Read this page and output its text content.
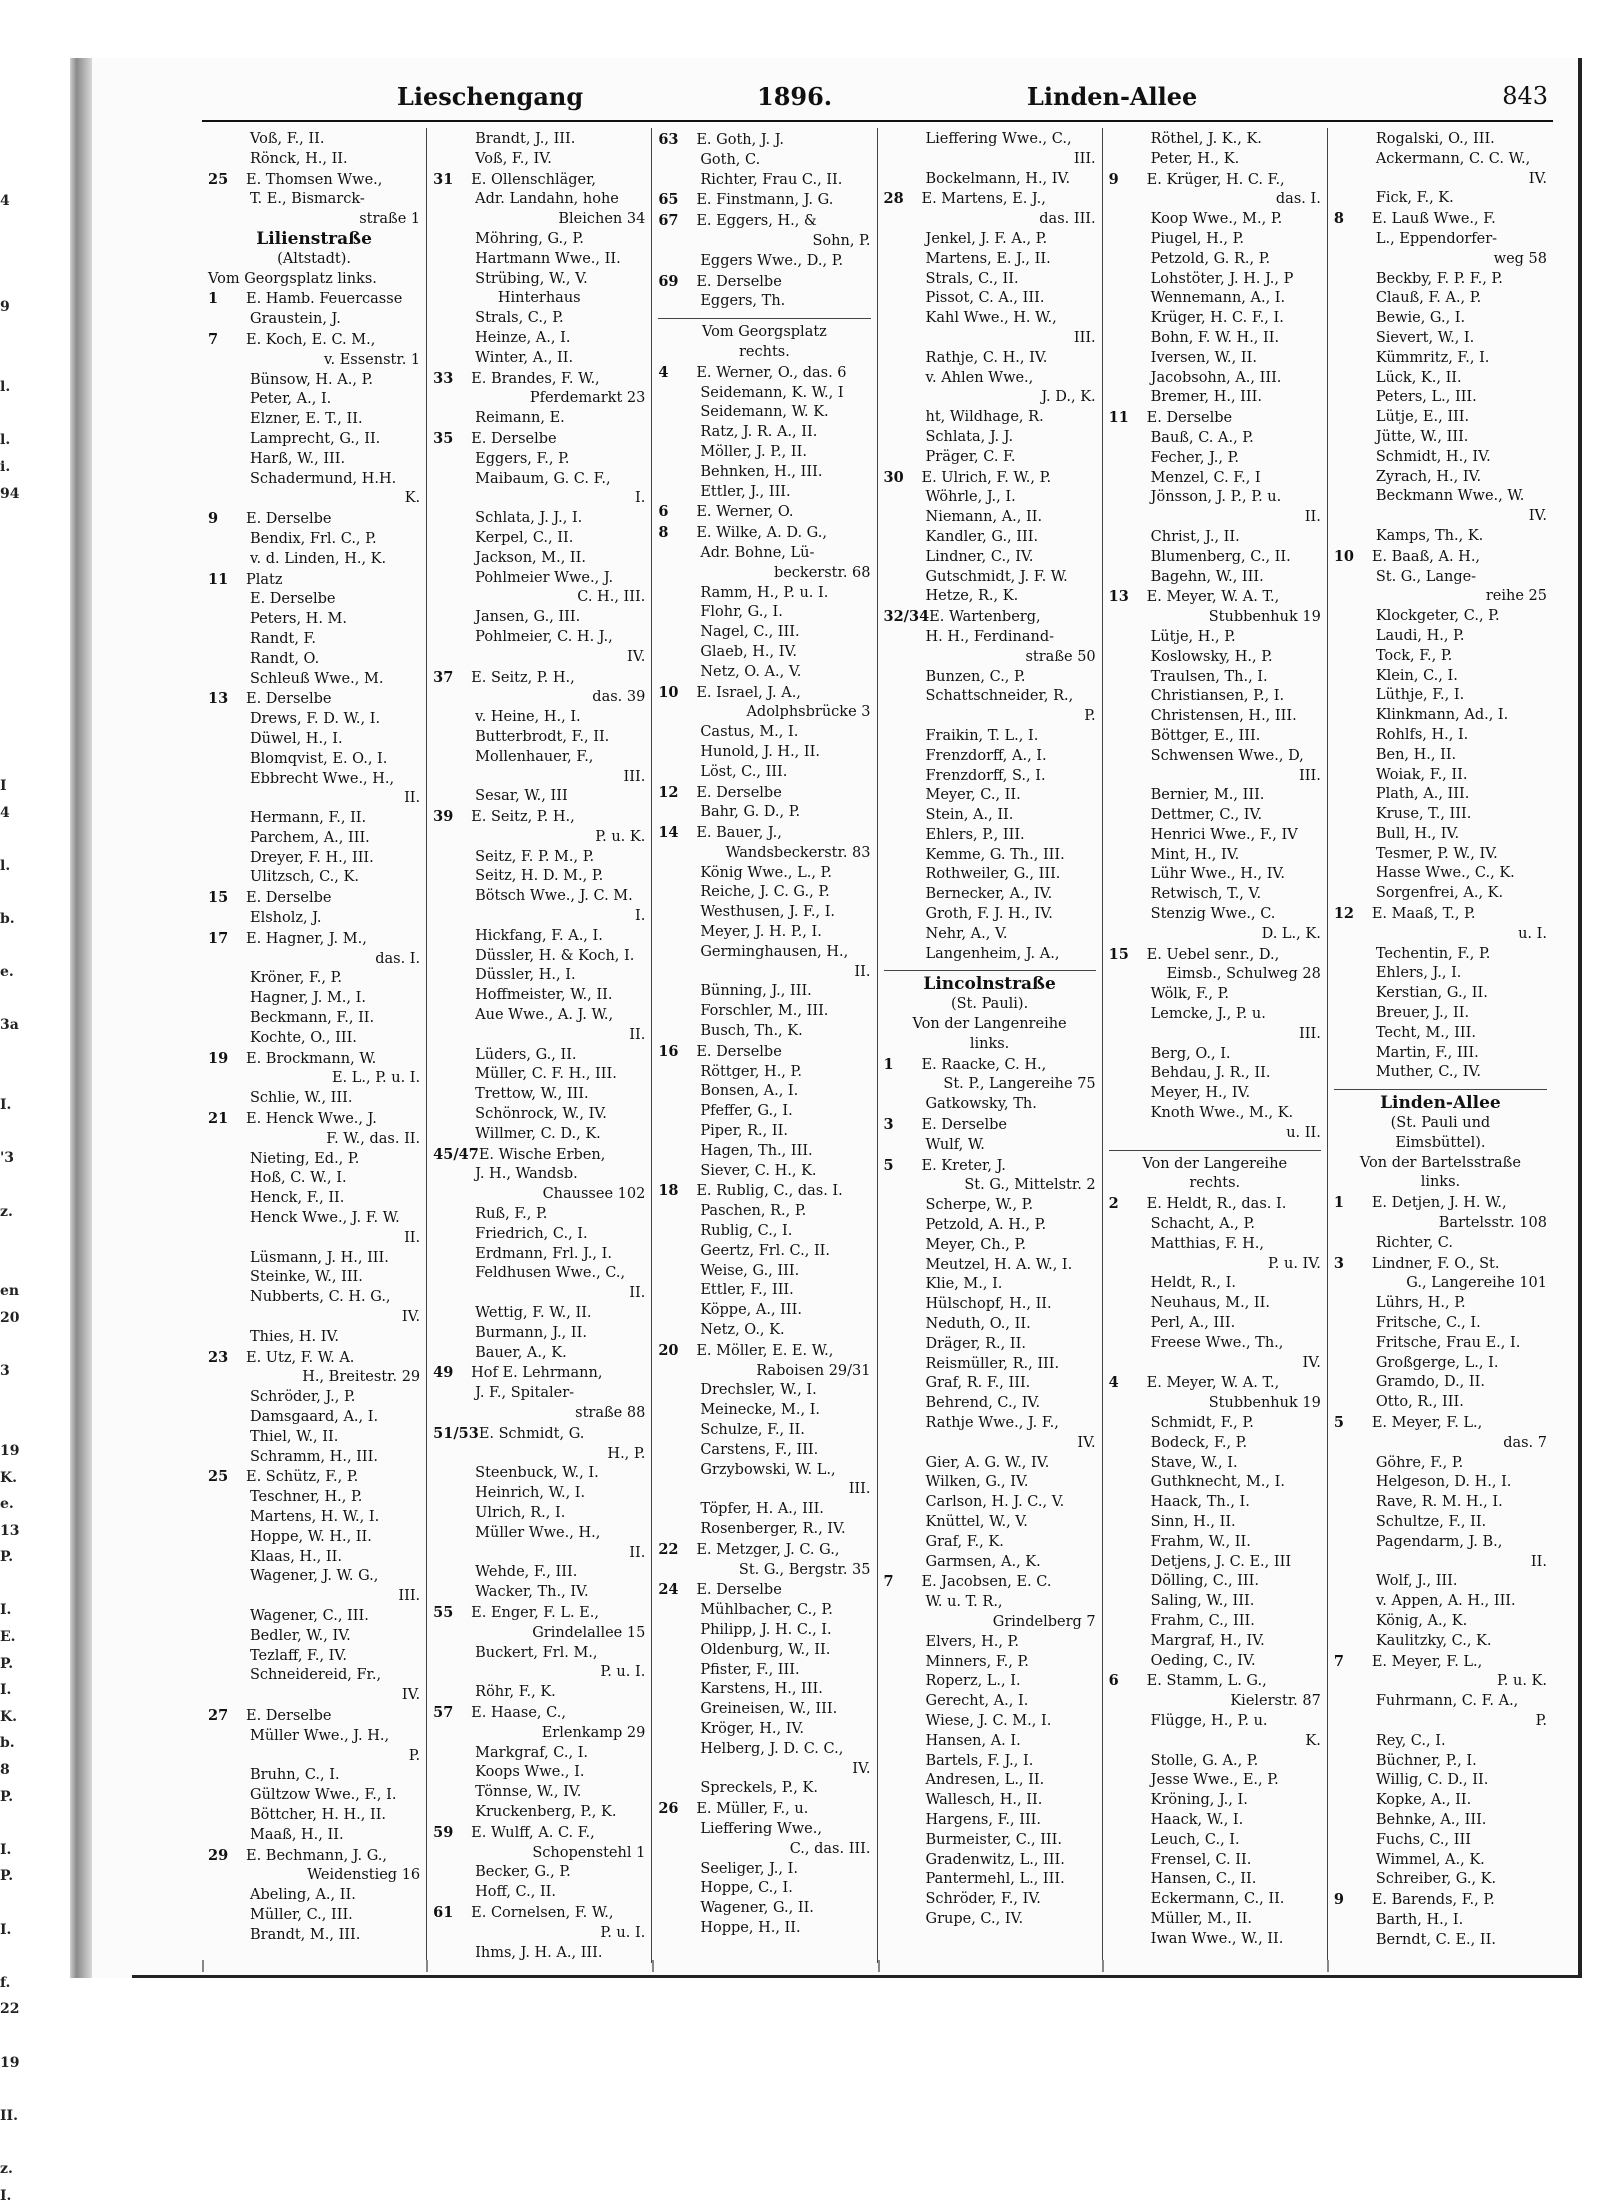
4

9

l.

l.
i.
94

I
4

l.

b.

e.

3a

I.

'3

z.

en
20

3

19
K.
e.
13
P.

I.
E.
P.
I.
K.
b.
8
P.

I.
P.

I.

f.
22

19

II.

z.
I.
Lieschengang	1896.	Linden-Allee	843
Voß, F., II.
Rönck, H., II.
25 E. Thomsen Wwe.,
T. E., Bismarck-
straße 1
Lilienstraße
(Altstadt).
Vom Georgsplatz links.
1 E. Hamb. Feuercasse
Graustein, J.
7 E. Koch, E. C. M.,
v. Essenstr. 1
Bünsow, H. A., P.
Peter, A., I.
Elzner, E. T., II.
Lamprecht, G., II.
Harß, W., III.
Schadermund, H.H.
K.
9 E. Derselbe
Bendix, Frl. C., P.
v. d. Linden, H., K.
11 Platz
E. Derselbe
Peters, H. M.
Randt, F.
Randt, O.
Schleuß Wwe., M.
13 E. Derselbe
Drews, F. D. W., I.
Düwel, H., I.
Blomqvist, E. O., I.
Ebbrecht Wwe., H.,
II.
Hermann, F., II.
Parchem, A., III.
Dreyer, F. H., III.
Ulitzsch, C., K.
15 E. Derselbe
Elsholz, J.
17 E. Hagner, J. M.,
das. I.
Kröner, F., P.
Hagner, J. M., I.
Beckmann, F., II.
Kochte, O., III.
19 E. Brockmann, W.
E. L., P. u. I.
Schlie, W., III.
21 E. Henck Wwe., J.
F. W., das. II.
Nieting, Ed., P.
Hoß, C. W., I.
Henck, F., II.
Henck Wwe., J. F. W.
II.
Lüsmann, J. H., III.
Steinke, W., III.
Nubberts, C. H. G.,
IV.
Thies, H. IV.
23 E. Utz, F. W. A.
H., Breitestr. 29
Schröder, J., P.
Damsgaard, A., I.
Thiel, W., II.
Schramm, H., III.
25 E. Schütz, F., P.
Teschner, H., P.
Martens, H. W., I.
Hoppe, W. H., II.
Klaas, H., II.
Wagener, J. W. G.,
III.
Wagener, C., III.
Bedler, W., IV.
Tezlaff, F., IV.
Schneidereid, Fr.,
IV.
27 E. Derselbe
Müller Wwe., J. H.,
P.
Bruhn, C., I.
Gültzow Wwe., F., I.
Böttcher, H. H., II.
Maaß, H., II.
29 E. Bechmann, J. G.,
Weidenstieg 16
Abeling, A., II.
Müller, C., III.
Brandt, M., III.
Brandt, J., III.
Voß, F., IV.
31 E. Ollenschläger,
Adr. Landahn, hohe
Bleichen 34
Möhring, G., P.
Hartmann Wwe., II.
Strübing, W., V.
Hinterhaus
Strals, C., P.
Heinze, A., I.
Winter, A., II.
33 E. Brandes, F. W.,
Pferdemarkt 23
Reimann, E.
35 E. Derselbe
Eggers, F., P.
Maibaum, G. C. F.,
I.
Schlata, J. J., I.
Kerpel, C., II.
Jackson, M., II.
Pohlmeier Wwe., J.
C. H., III.
Jansen, G., III.
Pohlmeier, C. H. J.,
IV.
37 E. Seitz, P. H.,
das. 39
v. Heine, H., I.
Butterbrodt, F., II.
Mollenhauer, F.,
III.
Sesar, W., III
39 E. Seitz, P. H.,
P. u. K.
Seitz, F. P. M., P.
Seitz, H. D. M., P.
Bötsch Wwe., J. C. M.
I.
Hickfang, F. A., I.
Düssler, H. & Koch, I.
Düssler, H., I.
Hoffmeister, W., II.
Aue Wwe., A. J. W.,
II.
Lüders, G., II.
Müller, C. F. H., III.
Trettow, W., III.
Schönrock, W., IV.
Willmer, C. D., K.
45/47E. Wische Erben,
J. H., Wandsb.
Chaussee 102
Ruß, F., P.
Friedrich, C., I.
Erdmann, Frl. J., I.
Feldhusen Wwe., C.,
II.
Wettig, F. W., II.
Burmann, J., II.
Bauer, A., K.
49 Hof E. Lehrmann,
J. F., Spitaler-
straße 88
51/53E. Schmidt, G.
H., P.
Steenbuck, W., I.
Heinrich, W., I.
Ulrich, R., I.
Müller Wwe., H.,
II.
Wehde, F., III.
Wacker, Th., IV.
55 E. Enger, F. L. E.,
Grindelallee 15
Buckert, Frl. M.,
P. u. I.
Röhr, F., K.
57 E. Haase, C.,
Erlenkamp 29
Markgraf, C., I.
Koops Wwe., I.
Tönnse, W., IV.
Kruckenberg, P., K.
59 E. Wulff, A. C. F.,
Schopenstehl 1
Becker, G., P.
Hoff, C., II.
61 E. Cornelsen, F. W.,
P. u. I.
Ihms, J. H. A., III.
63 E. Goth, J. J.
Goth, C.
Richter, Frau C., II.
65 E. Finstmann, J. G.
67 E. Eggers, H., &
Sohn, P.
Eggers Wwe., D., P.
69 E. Derselbe
Eggers, Th.
Vom Georgsplatz
rechts.
4 E. Werner, O., das. 6
Seidemann, K. W., I
Seidemann, W. K.
Ratz, J. R. A., II.
Möller, J. P., II.
Behnken, H., III.
Ettler, J., III.
6 E. Werner, O.
8 E. Wilke, A. D. G.,
Adr. Bohne, Lü-
beckerstr. 68
Ramm, H., P. u. I.
Flohr, G., I.
Nagel, C., III.
Glaeb, H., IV.
Netz, O. A., V.
10 E. Israel, J. A.,
Adolphsbrücke 3
Castus, M., I.
Hunold, J. H., II.
Löst, C., III.
12 E. Derselbe
Bahr, G. D., P.
14 E. Bauer, J.,
Wandsbeckerstr. 83
König Wwe., L., P.
Reiche, J. C. G., P.
Westhusen, J. F., I.
Meyer, J. H. P., I.
Germinghausen, H.,
II.
Bünning, J., III.
Forschler, M., III.
Busch, Th., K.
16 E. Derselbe
Röttger, H., P.
Bonsen, A., I.
Pfeffer, G., I.
Piper, R., II.
Hagen, Th., III.
Siever, C. H., K.
18 E. Rublig, C., das. I.
Paschen, R., P.
Rublig, C., I.
Geertz, Frl. C., II.
Weise, G., III.
Ettler, F., III.
Köppe, A., III.
Netz, O., K.
20 E. Möller, E. E. W.,
Raboisen 29/31
Drechsler, W., I.
Meinecke, M., I.
Schulze, F., II.
Carstens, F., III.
Grzybowski, W. L.,
III.
Töpfer, H. A., III.
Rosenberger, R., IV.
22 E. Metzger, J. C. G.,
St. G., Bergstr. 35
24 E. Derselbe
Mühlbacher, C., P.
Philipp, J. H. C., I.
Oldenburg, W., II.
Pfister, F., III.
Karstens, H., III.
Greineisen, W., III.
Kröger, H., IV.
Helberg, J. D. C. C.,
IV.
Spreckels, P., K.
26 E. Müller, F., u.
Lieffering Wwe.,
C., das. III.
Seeliger, J., I.
Hoppe, C., I.
Wagener, G., II.
Hoppe, H., II.
Lieffering Wwe., C.,
III.
Bockelmann, H., IV.
28 E. Martens, E. J.,
das. III.
Jenkel, J. F. A., P.
Martens, E. J., II.
Strals, C., II.
Pissot, C. A., III.
Kahl Wwe., H. W.,
III.
Rathje, C. H., IV.
v. Ahlen Wwe.,
J. D., K.
ht, Wildhage, R.
Schlata, J. J.
Präger, C. F.
30 E. Ulrich, F. W., P.
Wöhrle, J., I.
Niemann, A., II.
Kandler, G., III.
Lindner, C., IV.
Gutschmidt, J. F. W.
Hetze, R., K.
32/34E. Wartenberg,
H. H., Ferdinand-
straße 50
Bunzen, C., P.
Schattschneider, R.,
P.
Fraikin, T. L., I.
Frenzdorff, A., I.
Frenzdorff, S., I.
Meyer, C., II.
Stein, A., II.
Ehlers, P., III.
Kemme, G. Th., III.
Rothweiler, G., III.
Bernecker, A., IV.
Groth, F. J. H., IV.
Nehr, A., V.
Langenheim, J. A.,
Lincolnstraße
(St. Pauli).
Von der Langenreihe
links.
1 E. Raacke, C. H.,
St. P., Langereihe 75
Gatkowsky, Th.
3 E. Derselbe
Wulf, W.
5 E. Kreter, J.
St. G., Mittelstr. 2
Scherpe, W., P.
Petzold, A. H., P.
Meyer, Ch., P.
Meutzel, H. A. W., I.
Klie, M., I.
Hülschopf, H., II.
Neduth, O., II.
Dräger, R., II.
Reismüller, R., III.
Graf, R. F., III.
Behrend, C., IV.
Rathje Wwe., J. F.,
IV.
Gier, A. G. W., IV.
Wilken, G., IV.
Carlson, H. J. C., V.
Knüttel, W., V.
Graf, F., K.
Garmsen, A., K.
7 E. Jacobsen, E. C.
W. u. T. R.,
Grindelberg 7
Elvers, H., P.
Minners, F., P.
Roperz, L., I.
Gerecht, A., I.
Wiese, J. C. M., I.
Hansen, A. I.
Bartels, F. J., I.
Andresen, L., II.
Wallesch, H., II.
Hargens, F., III.
Burmeister, C., III.
Gradenwitz, L., III.
Pantermehl, L., III.
Schröder, F., IV.
Grupe, C., IV.
Röthel, J. K., K.
Peter, H., K.
9 E. Krüger, H. C. F.,
das. I.
Koop Wwe., M., P.
Piugel, H., P.
Petzold, G. R., P.
Lohstöter, J. H. J., P
Wennemann, A., I.
Krüger, H. C. F., I.
Bohn, F. W. H., II.
Iversen, W., II.
Jacobsohn, A., III.
Bremer, H., III.
11 E. Derselbe
Bauß, C. A., P.
Fecher, J., P.
Menzel, C. F., I
Jönsson, J. P., P. u.
II.
Christ, J., II.
Blumenberg, C., II.
Bagehn, W., III.
13 E. Meyer, W. A. T.,
Stubbenhuk 19
Lütje, H., P.
Koslowsky, H., P.
Traulsen, Th., I.
Christiansen, P., I.
Christensen, H., III.
Böttger, E., III.
Schwensen Wwe., D,
III.
Bernier, M., III.
Dettmer, C., IV.
Henrici Wwe., F., IV
Mint, H., IV.
Lühr Wwe., H., IV.
Retwisch, T., V.
Stenzig Wwe., C.
D. L., K.
15 E. Uebel senr., D.,
Eimsb., Schulweg 28
Wölk, F., P.
Lemcke, J., P. u.
III.
Berg, O., I.
Behdau, J. R., II.
Meyer, H., IV.
Knoth Wwe., M., K.
u. II.
Von der Langereihe
rechts.
2 E. Heldt, R., das. I.
Schacht, A., P.
Matthias, F. H.,
P. u. IV.
Heldt, R., I.
Neuhaus, M., II.
Perl, A., III.
Freese Wwe., Th.,
IV.
4 E. Meyer, W. A. T.,
Stubbenhuk 19
Schmidt, F., P.
Bodeck, F., P.
Stave, W., I.
Guthknecht, M., I.
Haack, Th., I.
Sinn, H., II.
Frahm, W., II.
Detjens, J. C. E., III
Dölling, C., III.
Saling, W., III.
Frahm, C., III.
Margraf, H., IV.
Oeding, C., IV.
6 E. Stamm, L. G.,
Kielerstr. 87
Flügge, H., P. u.
K.
Stolle, G. A., P.
Jesse Wwe., E., P.
Kröning, J., I.
Haack, W., I.
Leuch, C., I.
Frensel, C. II.
Hansen, C., II.
Eckermann, C., II.
Müller, M., II.
Iwan Wwe., W., II.
Rogalski, O., III.
Ackermann, C. C. W.,
IV.
Fick, F., K.
8 E. Lauß Wwe., F.
L., Eppendorfer-
weg 58
Beckby, F. P. F., P.
Clauß, F. A., P.
Bewie, G., I.
Sievert, W., I.
Kümmritz, F., I.
Lück, K., II.
Peters, L., III.
Lütje, E., III.
Jütte, W., III.
Schmidt, H., IV.
Zyrach, H., IV.
Beckmann Wwe., W.
IV.
Kamps, Th., K.
10 E. Baaß, A. H.,
St. G., Lange-
reihe 25
Klockgeter, C., P.
Laudi, H., P.
Tock, F., P.
Klein, C., I.
Lüthje, F., I.
Klinkmann, Ad., I.
Rohlfs, H., I.
Ben, H., II.
Woiak, F., II.
Plath, A., III.
Kruse, T., III.
Bull, H., IV.
Tesmer, P. W., IV.
Hasse Wwe., C., K.
Sorgenfrei, A., K.
12 E. Maaß, T., P.
u. I.
Techentin, F., P.
Ehlers, J., I.
Kerstian, G., II.
Breuer, J., II.
Techt, M., III.
Martin, F., III.
Muther, C., IV.
Linden-Allee
(St. Pauli und
Eimsbüttel).
Von der Bartelsstraße
links.
1 E. Detjen, J. H. W.,
Bartelsstr. 108
Richter, C.
3 Lindner, F. O., St.
G., Langereihe 101
Lührs, H., P.
Fritsche, C., I.
Fritsche, Frau E., I.
Großgerge, L., I.
Gramdo, D., II.
Otto, R., III.
5 E. Meyer, F. L.,
das. 7
Göhre, F., P.
Helgeson, D. H., I.
Rave, R. M. H., I.
Schultze, F., II.
Pagendarm, J. B.,
II.
Wolf, J., III.
v. Appen, A. H., III.
König, A., K.
Kaulitzky, C., K.
7 E. Meyer, F. L.,
P. u. K.
Fuhrmann, C. F. A.,
P.
Rey, C., I.
Büchner, P., I.
Willig, C. D., II.
Kopke, A., II.
Behnke, A., III.
Fuchs, C., III
Wimmel, A., K.
Schreiber, G., K.
9 E. Barends, F., P.
Barth, H., I.
Berndt, C. E., II.
